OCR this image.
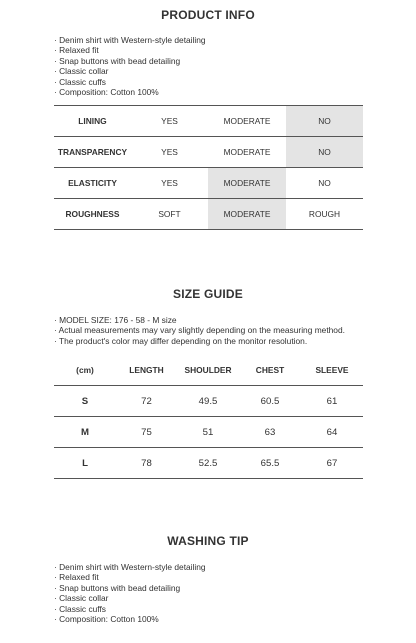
PRODUCT INFO
· Denim shirt with Western-style detailing
· Relaxed fit
· Snap buttons with bead detailing
· Classic collar
· Classic cuffs
· Composition: Cotton 100%
LINING	YES	MODERATE	NO
TRANSPARENCY	YES	MODERATE	NO
ELASTICITY	YES	MODERATE	NO
ROUGHNESS	SOFT	MODERATE	ROUGH
SIZE GUIDE
· MODEL SIZE: 176 - 58 - M size
· Actual measurements may vary slightly depending on the measuring method.
· The product's color may differ depending on the monitor resolution.
(cm)	LENGTH	SHOULDER	CHEST	SLEEVE
S	72	49.5	60.5	61
M	75	51	63	64
L	78	52.5	65.5	67
WASHING TIP
· Denim shirt with Western-style detailing
· Relaxed fit
· Snap buttons with bead detailing
· Classic collar
· Classic cuffs
· Composition: Cotton 100%
